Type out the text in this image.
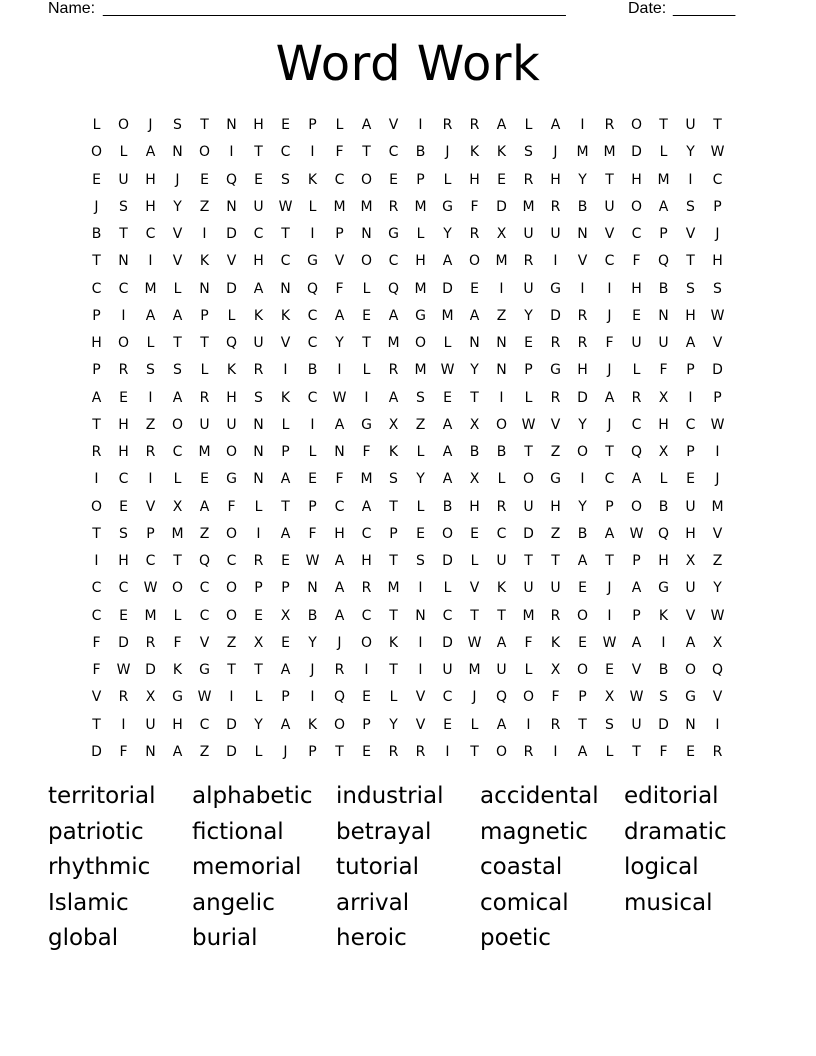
Name: ____________________________________________________	Date: _______
Word Work
L	O	J	S	T	N	H	E	P	L	A	V	I	R	R	A	L	A	I	R	O	T	U	T
O	L	A	N	O	I	T	C	I	F	T	C	B	J	K	K	S	J	M	M	D	L	Y	W
E	U	H	J	E	Q	E	S	K	C	O	E	P	L	H	E	R	H	Y	T	H	M	I	C
J	S	H	Y	Z	N	U	W	L	M	M	R	M	G	F	D	M	R	B	U	O	A	S	P
B	T	C	V	I	D	C	T	I	P	N	G	L	Y	R	X	U	U	N	V	C	P	V	J
T	N	I	V	K	V	H	C	G	V	O	C	H	A	O	M	R	I	V	C	F	Q	T	H
C	C	M	L	N	D	A	N	Q	F	L	Q	M	D	E	I	U	G	I	I	H	B	S	S
P	I	A	A	P	L	K	K	C	A	E	A	G	M	A	Z	Y	D	R	J	E	N	H	W
H	O	L	T	T	Q	U	V	C	Y	T	M	O	L	N	N	E	R	R	F	U	U	A	V
P	R	S	S	L	K	R	I	B	I	L	R	M	W	Y	N	P	G	H	J	L	F	P	D
A	E	I	A	R	H	S	K	C	W	I	A	S	E	T	I	L	R	D	A	R	X	I	P
T	H	Z	O	U	U	N	L	I	A	G	X	Z	A	X	O	W	V	Y	J	C	H	C	W
R	H	R	C	M	O	N	P	L	N	F	K	L	A	B	B	T	Z	O	T	Q	X	P	I
I	C	I	L	E	G	N	A	E	F	M	S	Y	A	X	L	O	G	I	C	A	L	E	J
O	E	V	X	A	F	L	T	P	C	A	T	L	B	H	R	U	H	Y	P	O	B	U	M
T	S	P	M	Z	O	I	A	F	H	C	P	E	O	E	C	D	Z	B	A	W	Q	H	V
I	H	C	T	Q	C	R	E	W	A	H	T	S	D	L	U	T	T	A	T	P	H	X	Z
C	C	W	O	C	O	P	P	N	A	R	M	I	L	V	K	U	U	E	J	A	G	U	Y
C	E	M	L	C	O	E	X	B	A	C	T	N	C	T	T	M	R	O	I	P	K	V	W
F	D	R	F	V	Z	X	E	Y	J	O	K	I	D	W	A	F	K	E	W	A	I	A	X
F	W	D	K	G	T	T	A	J	R	I	T	I	U	M	U	L	X	O	E	V	B	O	Q
V	R	X	G	W	I	L	P	I	Q	E	L	V	C	J	Q	O	F	P	X	W	S	G	V
T	I	U	H	C	D	Y	A	K	O	P	Y	V	E	L	A	I	R	T	S	U	D	N	I
D	F	N	A	Z	D	L	J	P	T	E	R	R	I	T	O	R	I	A	L	T	F	E	R
territorial	alphabetic	industrial	accidental	editorial
patriotic	fictional	betrayal	magnetic	dramatic
rhythmic	memorial	tutorial	coastal	logical
Islamic	angelic	arrival	comical	musical
global	burial	heroic	poetic
